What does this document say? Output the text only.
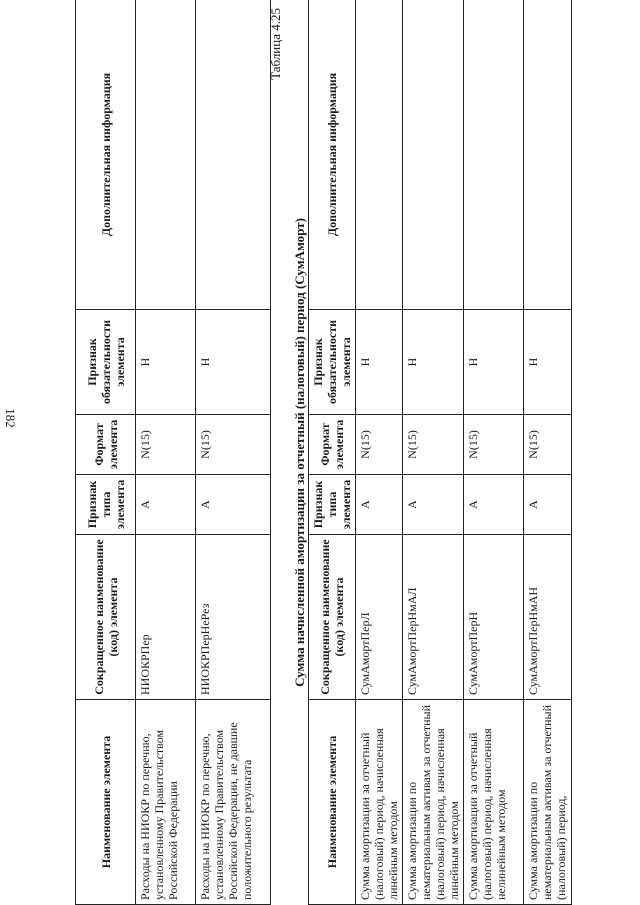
182
Наименование элемента	Сокращенное наименование (код) элемента	Признак типа элемента	Формат элемента	Признак обязательности элемента	Дополнительная информация
Расходы на НИОКР по перечню, установленному Правительством Российской Федерации	НИОКРПер	А	N(15)	Н	
Расходы на НИОКР по перечню, установленному Правительством Российской Федерации, не давшие положительного результата	НИОКРПерНеРез	А	N(15)	Н	
Таблица 4.25
Сумма начисленной амортизации за отчетный (налоговый) период (СумАморт)
Наименование элемента	Сокращенное наименование (код) элемента	Признак типа элемента	Формат элемента	Признак обязательности элемента	Дополнительная информация
Сумма амортизации за отчетный (налоговый) период, начисленная линейным методом	СумАмортПерЛ	А	N(15)	Н	
Сумма амортизации по нематериальным активам за отчетный (налоговый) период, начисленная линейным методом	СумАмортПерНмАЛ	А	N(15)	Н	
Сумма амортизации за отчетный (налоговый) период, начисленная нелинейным методом	СумАмортПерН	А	N(15)	Н	
Сумма амортизации по нематериальным активам за отчетный (налоговый) период,	СумАмортПерНмАН	А	N(15)	Н	
